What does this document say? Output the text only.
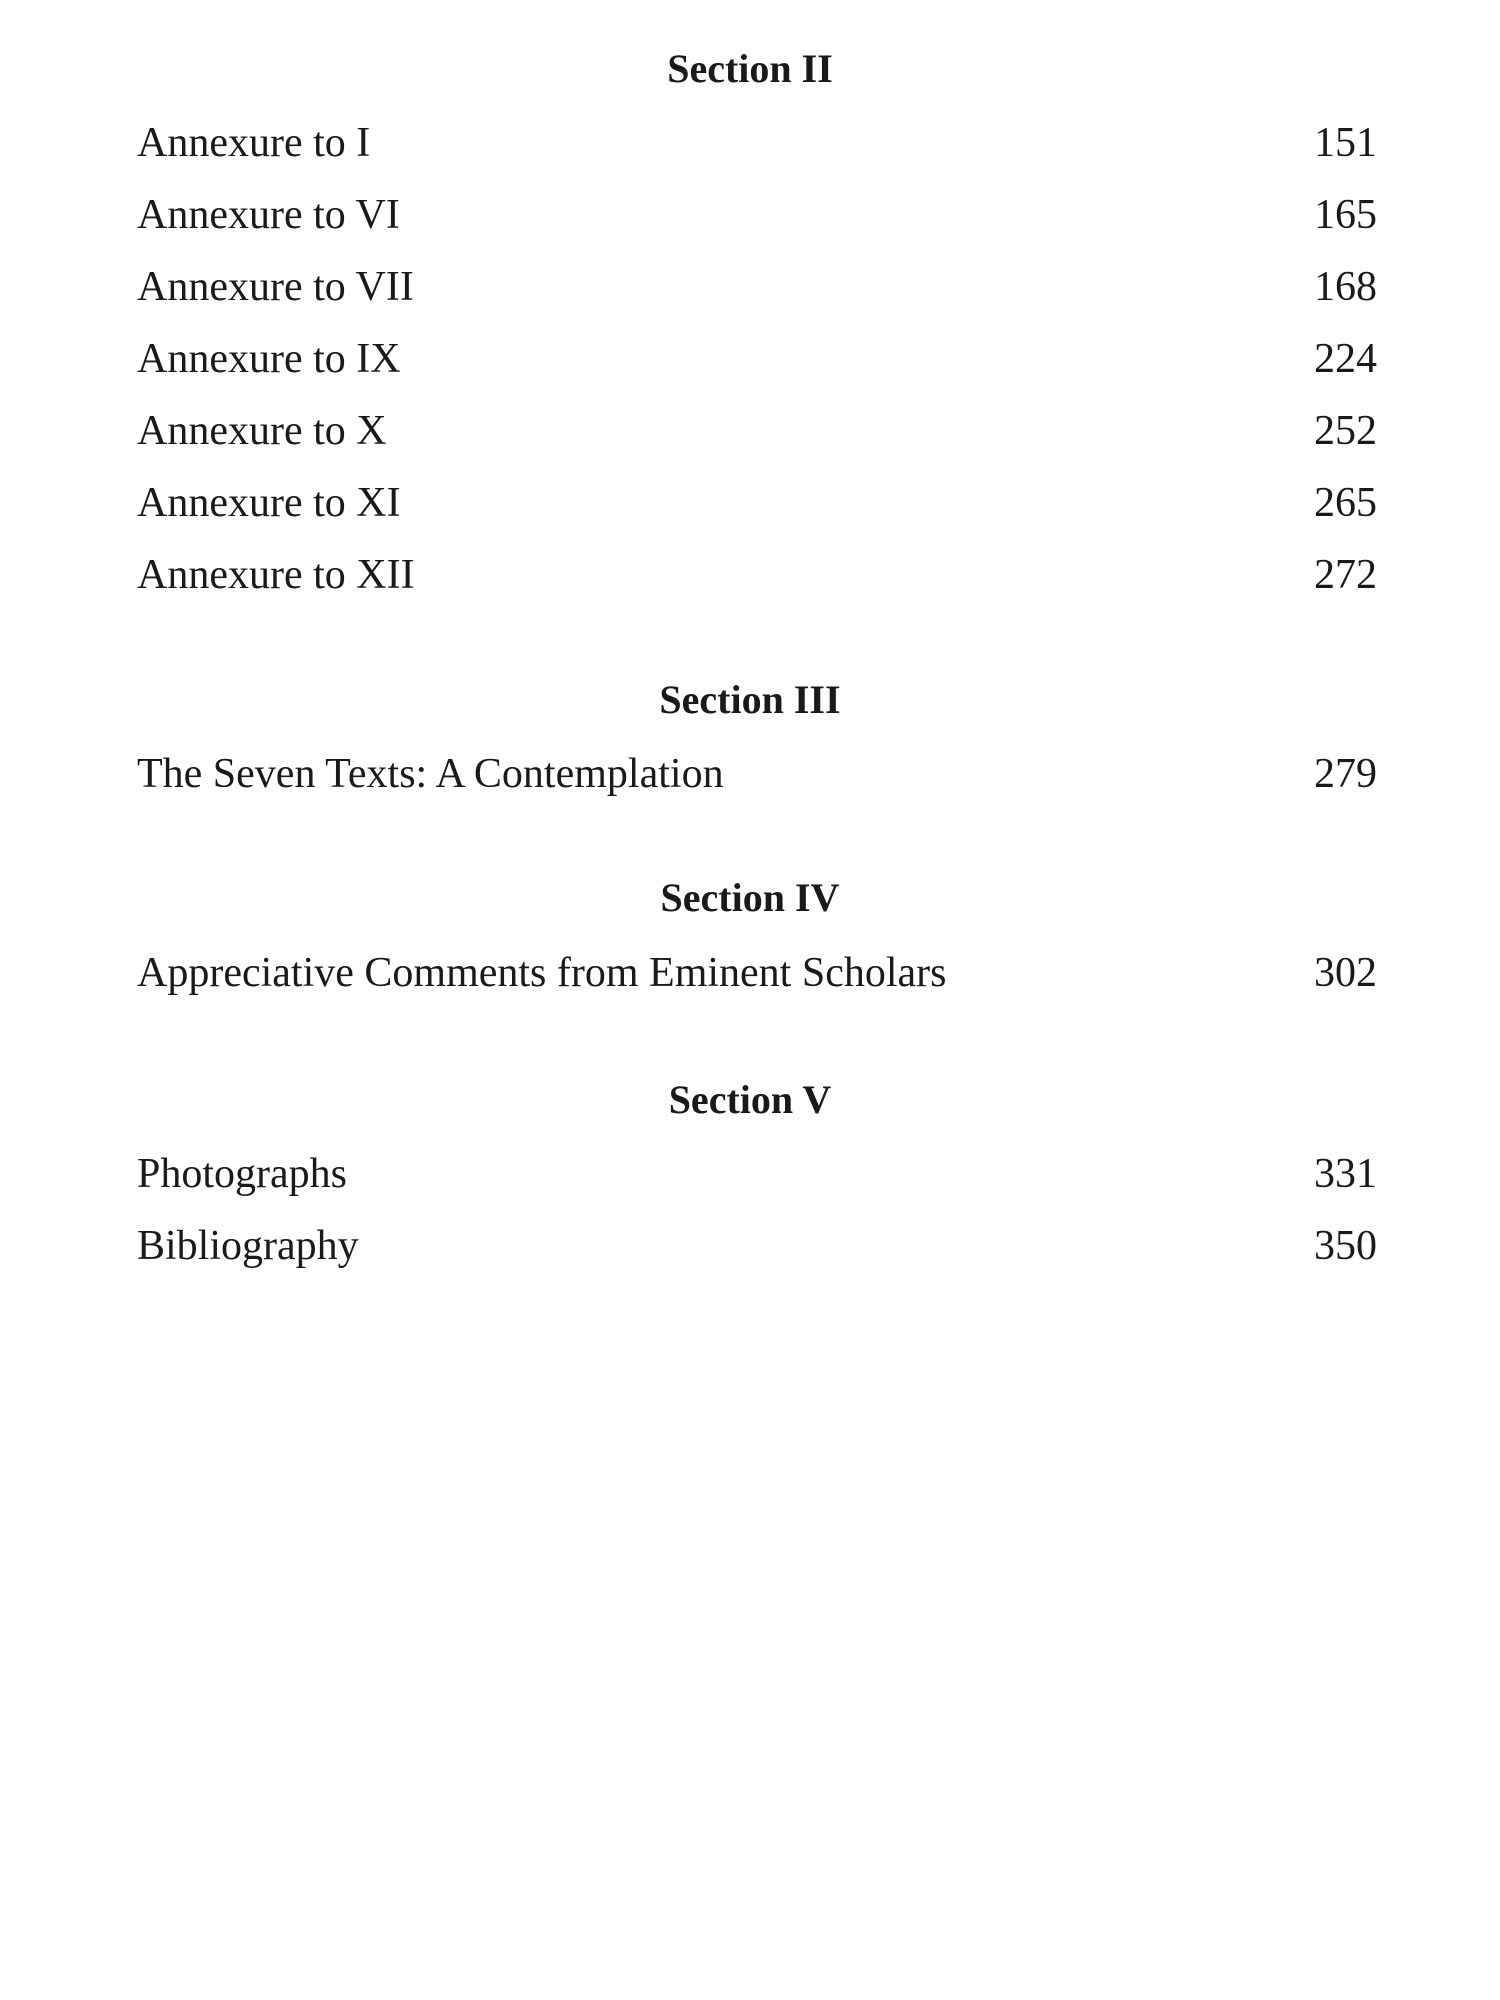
Section II
Annexure to I	151
Annexure to VI	165
Annexure to VII	168
Annexure to IX	224
Annexure to X	252
Annexure to XI	265
Annexure to XII	272
Section III
The Seven Texts: A Contemplation	279
Section IV
Appreciative Comments from Eminent Scholars	302
Section V
Photographs	331
Bibliography	350
